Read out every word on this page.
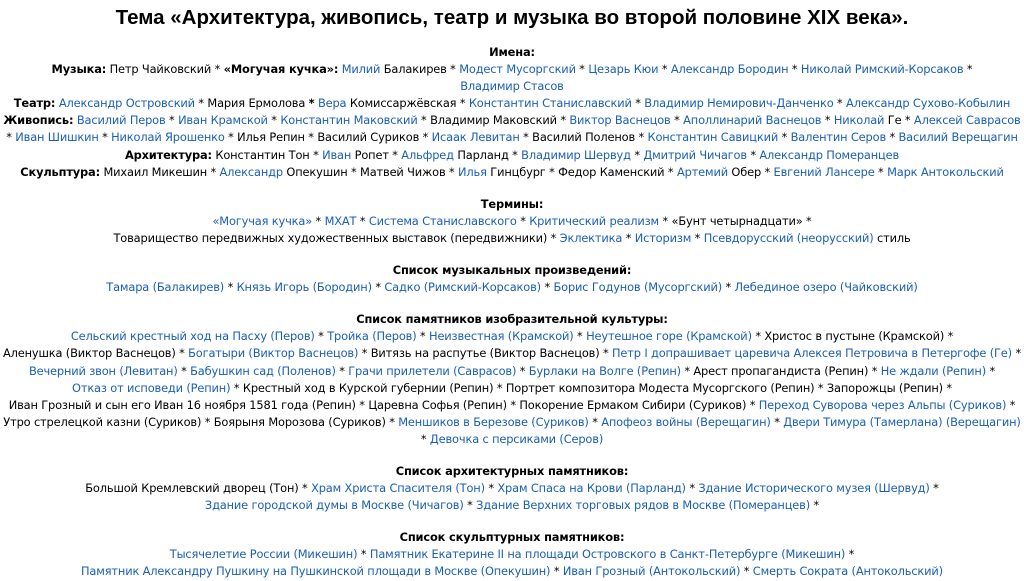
Тема «Архитектура, живопись, театр и музыка во второй половине XIX века».
Имена:
Музыка: Петр Чайковский * «Могучая кучка»: Милий Балакирев * Модест Мусоргский * Цезарь Кюи * Александр Бородин * Николай Римский-Корсаков *
Владимир Стасов
Театр: Александр Островский * Мария Ермолова * Вера Комиссаржёвская * Константин Станиславский * Владимир Немирович-Данченко * Александр Сухово-Кобылин
Живопись: Василий Перов * Иван Крамской * Константин Маковский * Владимир Маковский * Виктор Васнецов * Аполлинарий Васнецов * Николай Ге * Алексей Саврасов
* Иван Шишкин * Николай Ярошенко * Илья Репин * Василий Суриков * Исаак Левитан * Василий Поленов * Константин Савицкий * Валентин Серов * Василий Верещагин
Архитектура: Константин Тон * Иван Ропет * Альфред Парланд * Владимир Шервуд * Дмитрий Чичагов * Александр Померанцев
Скульптура: Михаил Микешин * Александр Опекушин * Матвей Чижов * Илья Гинцбург * Федор Каменский * Артемий Обер * Евгений Лансере * Марк Антокольский
Термины:
«Могучая кучка» * МХАТ * Система Станиславского * Критический реализм * «Бунт четырнадцати» *
Товарищество передвижных художественных выставок (передвижники) * Эклектика * Историзм * Псевдорусский (неорусский) стиль
Список музыкальных произведений:
Тамара (Балакирев) * Князь Игорь (Бородин) * Садко (Римский-Корсаков) * Борис Годунов (Мусоргский) * Лебединое озеро (Чайковский)
Список памятников изобразительной культуры:
Сельский крестный ход на Пасху (Перов) * Тройка (Перов) * Неизвестная (Крамской) * Неутешное горе (Крамской) * Христос в пустыне (Крамской) *
Аленушка (Виктор Васнецов) * Богатыри (Виктор Васнецов) * Витязь на распутье (Виктор Васнецов) * Петр I допрашивает царевича Алексея Петровича в Петергофе (Ге) *
Вечерний звон (Левитан) * Бабушкин сад (Поленов) * Грачи прилетели (Саврасов) * Бурлаки на Волге (Репин) * Арест пропагандиста (Репин) * Не ждали (Репин) *
Отказ от исповеди (Репин) * Крестный ход в Курской губернии (Репин) * Портрет композитора Модеста Мусоргского (Репин) * Запорожцы (Репин) *
Иван Грозный и сын его Иван 16 ноября 1581 года (Репин) * Царевна Софья (Репин) * Покорение Ермаком Сибири (Суриков) * Переход Суворова через Альпы (Суриков) *
Утро стрелецкой казни (Суриков) * Боярыня Морозова (Суриков) * Меншиков в Березове (Суриков) * Апофеоз войны (Верещагин) * Двери Тимура (Тамерлана) (Верещагин)
* Девочка с персиками (Серов)
Список архитектурных памятников:
Большой Кремлевский дворец (Тон) * Храм Христа Спасителя (Тон) * Храм Спаса на Крови (Парланд) * Здание Исторического музея (Шервуд) *
Здание городской думы в Москве (Чичагов) * Здание Верхних торговых рядов в Москве (Померанцев) *
Список скульптурных памятников:
Тысячелетие России (Микешин) * Памятник Екатерине II на площади Островского в Санкт-Петербурге (Микешин) *
Памятник Александру Пушкину на Пушкинской площади в Москве (Опекушин) * Иван Грозный (Антокольский) * Смерть Сократа (Антокольский)
